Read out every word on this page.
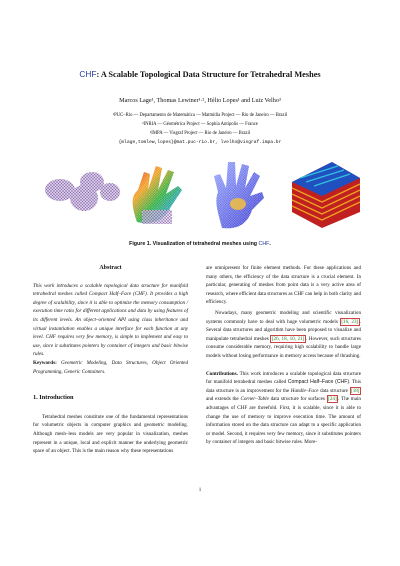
CHF: A Scalable Topological Data Structure for Tetrahedral Meshes
Marcos Lage¹, Thomas Lewiner¹·², Hélio Lopes¹ and Luiz Velho³
¹PUC–Rio — Departamento de Matemática — Matmídia Project — Rio de Janeiro — Brazil
²INRIA — Géométrica Project — Sophia Antipolis — France
³IMPA — Visgraf Project — Rio de Janeiro — Brazil
{mlage,tomlew,lopes}@mat.puc-rio.br, lvelho@visgraf.impa.br
Figure 1. Visualization of tetrahedral meshes using CHF.
Abstract
This work introduces a scalable topological data structure for manifold tetrahedral meshes called Compact Half–Face (CHF). It provides a high degree of scalability, since it is able to optimize the memory consumption / execution time ratio for different applications and data by using features of its different levels. An object–oriented API using class inheritance and virtual instantiation enables a unique interface for each function at any level. CHF requires very few memory, is simple to implement and easy to use, since it substitutes pointers by container of integers and basic bitwise rules.
Keywords: Geometric Modeling, Data Structures, Object Oriented Programming, Generic Containers.
1. Introduction
Tetrahedral meshes constitute one of the fundamental representations for volumetric objects in computer graphics and geometric modeling. Although mesh–less models are very popular in visualization, meshes represent in a unique, local and explicit manner the underlying geometric space of an object. This is the main reason why these representations
are omnipresent for finite element methods. For these applications and many others, the efficiency of the data structure is a crucial element. In particular, generating of meshes from point data is a very active area of research, where efficient data structures as CHF can help in both clarity and efficiency.
Nowadays, many geometric modeling and scientific visualization systems commonly have to deal with huge volumetric models [16, 23] . Several data structures and algorithm have been proposed to visualize and manipulate tetrahedral meshes [26, 18, 10, 21] . However, such structures consume considerable memory, requiring high scalability to handle large models without losing performance in memory access because of thrashing.
Contributions. This work introduces a scalable topological data structure for manifold tetrahedral meshes called Compact Half–Face (CHF). This data structure is an improvement for the Handle–Face data structure [18] and extends the Corner–Table data structure for surfaces [24] . The main advantages of CHF are threefold. First, it is scalable, since it is able to change the use of memory to improve execution time. The amount of information stored on the data structure can adapt to a specific application or model. Second, it requires very few memory, since it substitutes pointers by container of integers and basic bitwise rules. More-
1
